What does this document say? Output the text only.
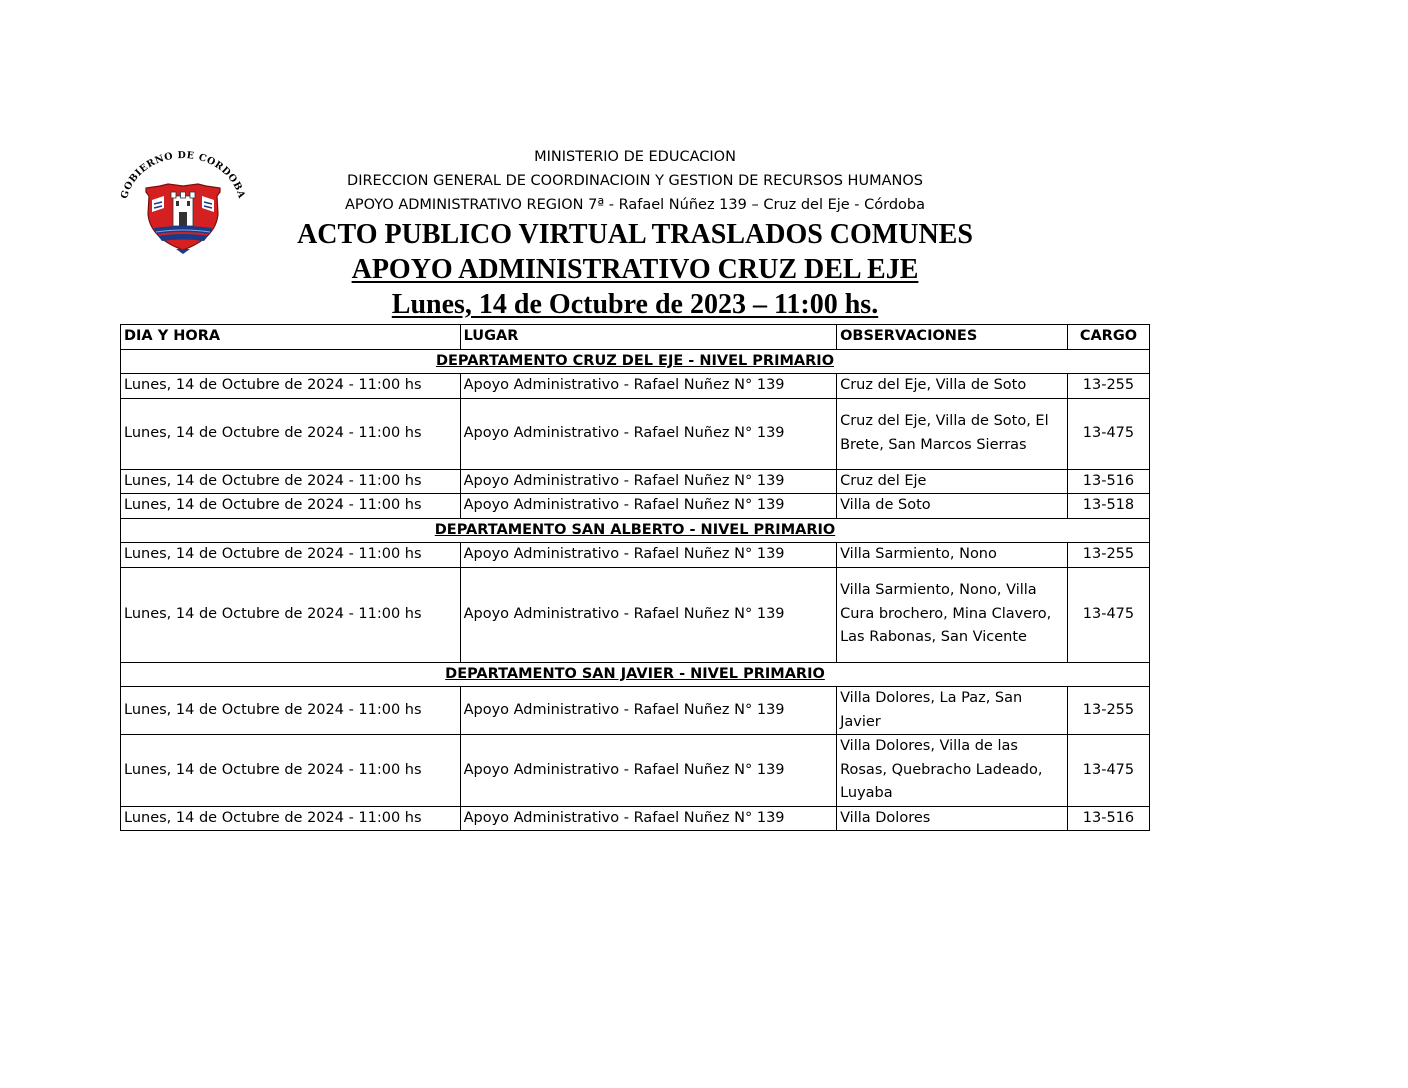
GOBIERNO DE CORDOBA
MINISTERIO DE EDUCACION
DIRECCION GENERAL DE COORDINACIOIN Y GESTION DE RECURSOS HUMANOS
APOYO ADMINISTRATIVO REGION 7ª - Rafael Núñez 139 – Cruz del Eje - Córdoba
ACTO PUBLICO VIRTUAL TRASLADOS COMUNES
APOYO ADMINISTRATIVO CRUZ DEL EJE
Lunes, 14 de Octubre de 2023 – 11:00 hs.
DIA Y HORA	LUGAR	OBSERVACIONES	CARGO
DEPARTAMENTO CRUZ DEL EJE - NIVEL PRIMARIO			
Lunes, 14 de Octubre de 2024 - 11:00 hs	Apoyo Administrativo - Rafael Nuñez N° 139	Cruz del Eje, Villa de Soto	13-255
Lunes, 14 de Octubre de 2024 - 11:00 hs	Apoyo Administrativo - Rafael Nuñez N° 139	Cruz del Eje, Villa de Soto, El Brete, San Marcos Sierras	13-475
Lunes, 14 de Octubre de 2024 - 11:00 hs	Apoyo Administrativo - Rafael Nuñez N° 139	Cruz del Eje	13-516
Lunes, 14 de Octubre de 2024 - 11:00 hs	Apoyo Administrativo - Rafael Nuñez N° 139	Villa de Soto	13-518
DEPARTAMENTO SAN ALBERTO - NIVEL PRIMARIO			
Lunes, 14 de Octubre de 2024 - 11:00 hs	Apoyo Administrativo - Rafael Nuñez N° 139	Villa Sarmiento, Nono	13-255
Lunes, 14 de Octubre de 2024 - 11:00 hs	Apoyo Administrativo - Rafael Nuñez N° 139	Villa Sarmiento, Nono, Villa Cura brochero, Mina Clavero, Las Rabonas, San Vicente	13-475
DEPARTAMENTO SAN JAVIER - NIVEL PRIMARIO			
Lunes, 14 de Octubre de 2024 - 11:00 hs	Apoyo Administrativo - Rafael Nuñez N° 139	Villa Dolores, La Paz, San Javier	13-255
Lunes, 14 de Octubre de 2024 - 11:00 hs	Apoyo Administrativo - Rafael Nuñez N° 139	Villa Dolores, Villa de las Rosas, Quebracho Ladeado, Luyaba	13-475
Lunes, 14 de Octubre de 2024 - 11:00 hs	Apoyo Administrativo - Rafael Nuñez N° 139	Villa Dolores	13-516
